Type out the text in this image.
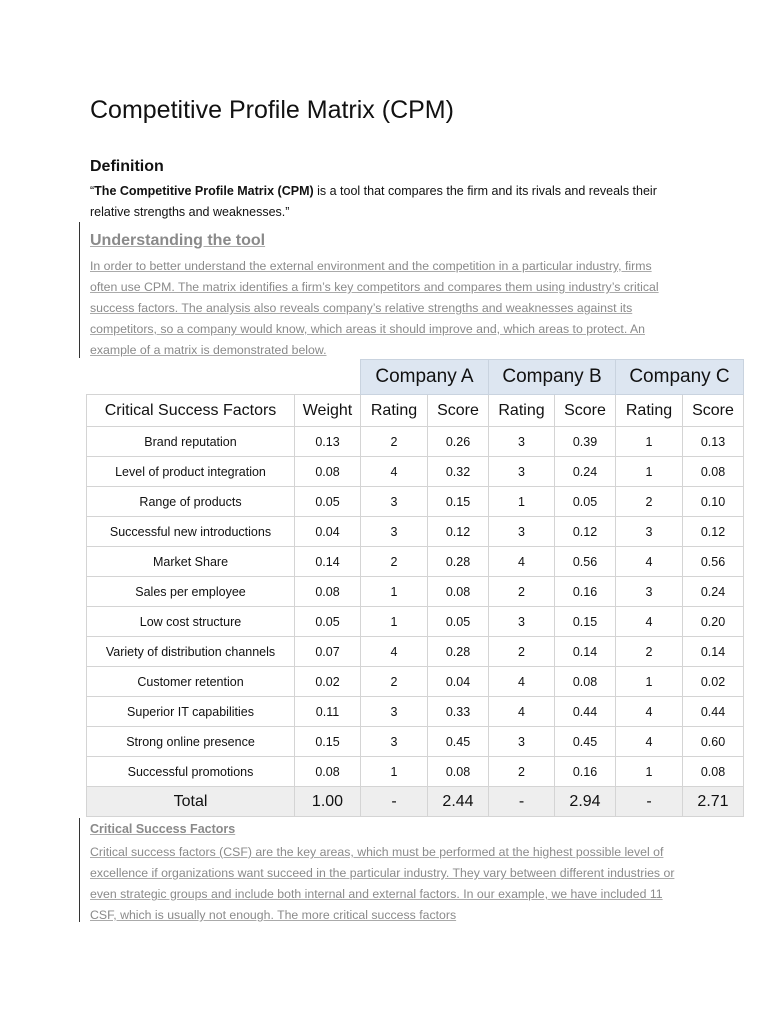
Competitive Profile Matrix (CPM)
Definition

“The Competitive Profile Matrix (CPM) is a tool that compares the firm and its rivals and reveals their relative strengths and weaknesses.”

Understanding the tool

In order to better understand the external environment and the competition in a particular industry, firms often use CPM. The matrix identifies a firm’s key competitors and compares them using industry’s critical success factors. The analysis also reveals company’s relative strengths and weaknesses against its competitors, so a company would know, which areas it should improve and, which areas to protect. An example of a matrix is demonstrated below.

		Company A		Company B		Company C	
Critical Success Factors	Weight	Rating	Score	Rating	Score	Rating	Score
Brand reputation	0.13	2	0.26	3	0.39	1	0.13
Level of product integration	0.08	4	0.32	3	0.24	1	0.08
Range of products	0.05	3	0.15	1	0.05	2	0.10
Successful new introductions	0.04	3	0.12	3	0.12	3	0.12
Market Share	0.14	2	0.28	4	0.56	4	0.56
Sales per employee	0.08	1	0.08	2	0.16	3	0.24
Low cost structure	0.05	1	0.05	3	0.15	4	0.20
Variety of distribution channels	0.07	4	0.28	2	0.14	2	0.14
Customer retention	0.02	2	0.04	4	0.08	1	0.02
Superior IT capabilities	0.11	3	0.33	4	0.44	4	0.44
Strong online presence	0.15	3	0.45	3	0.45	4	0.60
Successful promotions	0.08	1	0.08	2	0.16	1	0.08
Total	1.00	-	2.44	-	2.94	-	2.71
Critical Success Factors

Critical success factors (CSF) are the key areas, which must be performed at the highest possible level of excellence if organizations want succeed in the particular industry. They vary between different industries or even strategic groups and include both internal and external factors. In our example, we have included 11 CSF, which is usually not enough. The more critical success factors
